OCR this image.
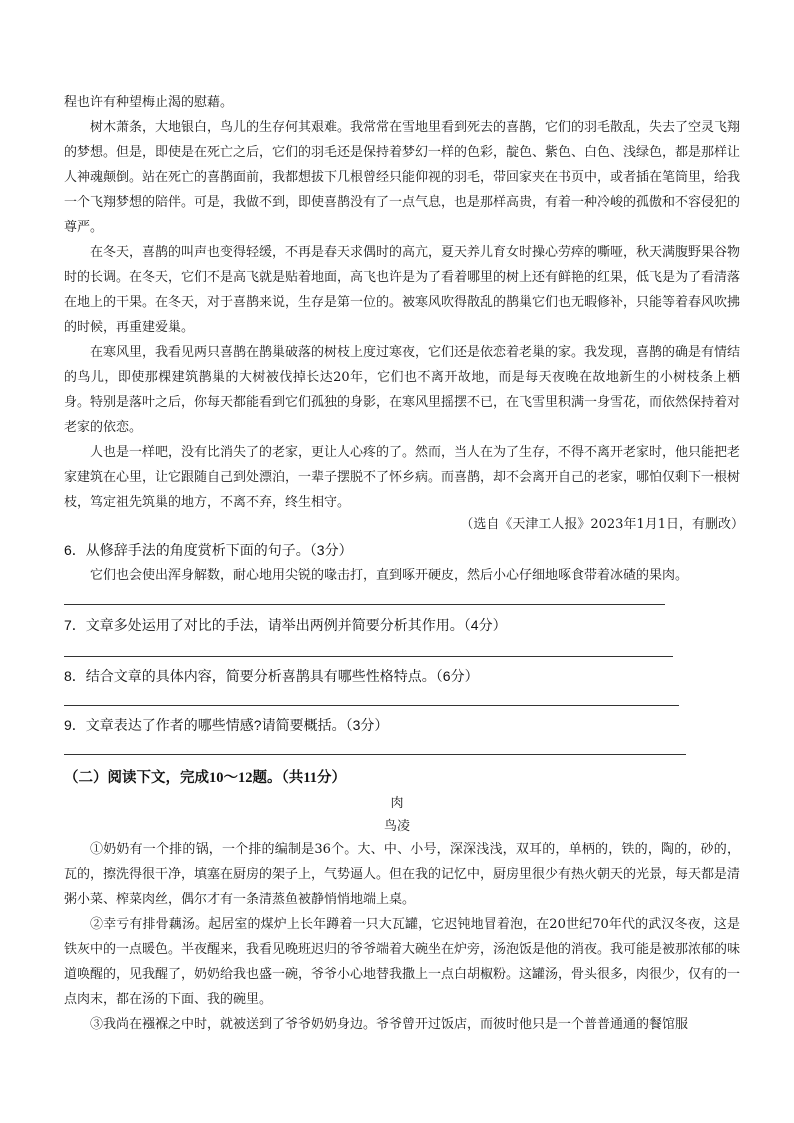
程也许有种望梅止渴的慰藉。

树木萧条，大地银白，鸟儿的生存何其艰难。我常常在雪地里看到死去的喜鹊，它们的羽毛散乱，失去了空灵飞翔的梦想。但是，即使是在死亡之后，它们的羽毛还是保持着梦幻一样的色彩，靛色、紫色、白色、浅绿色，都是那样让人神魂颠倒。站在死亡的喜鹊面前，我都想拔下几根曾经只能仰视的羽毛，带回家夹在书页中，或者插在笔筒里，给我一个飞翔梦想的陪伴。可是，我做不到，即使喜鹊没有了一点气息，也是那样高贵，有着一种冷峻的孤傲和不容侵犯的尊严。

在冬天，喜鹊的叫声也变得轻缓，不再是春天求偶时的高亢，夏天养儿育女时操心劳瘁的嘶哑，秋天满腹野果谷物时的长调。在冬天，它们不是高飞就是贴着地面，高飞也许是为了看着哪里的树上还有鲜艳的红果，低飞是为了看清落在地上的干果。在冬天，对于喜鹊来说，生存是第一位的。被寒风吹得散乱的鹊巢它们也无暇修补，只能等着春风吹拂的时候，再重建爱巢。

在寒风里，我看见两只喜鹊在鹊巢破落的树枝上度过寒夜，它们还是依恋着老巢的家。我发现，喜鹊的确是有情结的鸟儿，即使那棵建筑鹊巢的大树被伐掉长达20年，它们也不离开故地，而是每天夜晚在故地新生的小树枝条上栖身。特别是落叶之后，你每天都能看到它们孤独的身影，在寒风里摇摆不已，在飞雪里积满一身雪花，而依然保持着对老家的依恋。

人也是一样吧，没有比消失了的老家，更让人心疼的了。然而，当人在为了生存，不得不离开老家时，他只能把老家建筑在心里，让它跟随自己到处漂泊，一辈子摆脱不了怀乡病。而喜鹊，却不会离开自己的老家，哪怕仅剩下一根树枝，笃定祖先筑巢的地方，不离不弃，终生相守。

（选自《天津工人报》2023年1月1日，有删改）
6．从修辞手法的角度赏析下面的句子。（3分）

它们也会使出浑身解数，耐心地用尖锐的喙击打，直到啄开硬皮，然后小心仔细地啄食带着冰碴的果肉。

7．文章多处运用了对比的手法，请举出两例并简要分析其作用。（4分）
8．结合文章的具体内容，简要分析喜鹊具有哪些性格特点。（6分）
9．文章表达了作者的哪些情感?请简要概括。（3分）
（二）阅读下文，完成10～12题。（共11分）
肉
鸟凌

①奶奶有一个排的锅，一个排的编制是36个。大、中、小号，深深浅浅，双耳的，单柄的，铁的，陶的，砂的，瓦的，擦洗得很干净，填塞在厨房的架子上，气势逼人。但在我的记忆中，厨房里很少有热火朝天的光景，每天都是清粥小菜、榨菜肉丝，偶尔才有一条清蒸鱼被静悄悄地端上桌。

②幸亏有排骨藕汤。起居室的煤炉上长年蹲着一只大瓦罐，它迟钝地冒着泡，在20世纪70年代的武汉冬夜，这是铁灰中的一点暖色。半夜醒来，我看见晚班迟归的爷爷端着大碗坐在炉旁，汤泡饭是他的消夜。我可能是被那浓郁的味道唤醒的，见我醒了，奶奶给我也盛一碗，爷爷小心地替我撒上一点白胡椒粉。这罐汤，骨头很多，肉很少，仅有的一点肉末，都在汤的下面、我的碗里。

③我尚在襁褓之中时，就被送到了爷爷奶奶身边。爷爷曾开过饭店，而彼时他只是一个普普通通的餐馆服
